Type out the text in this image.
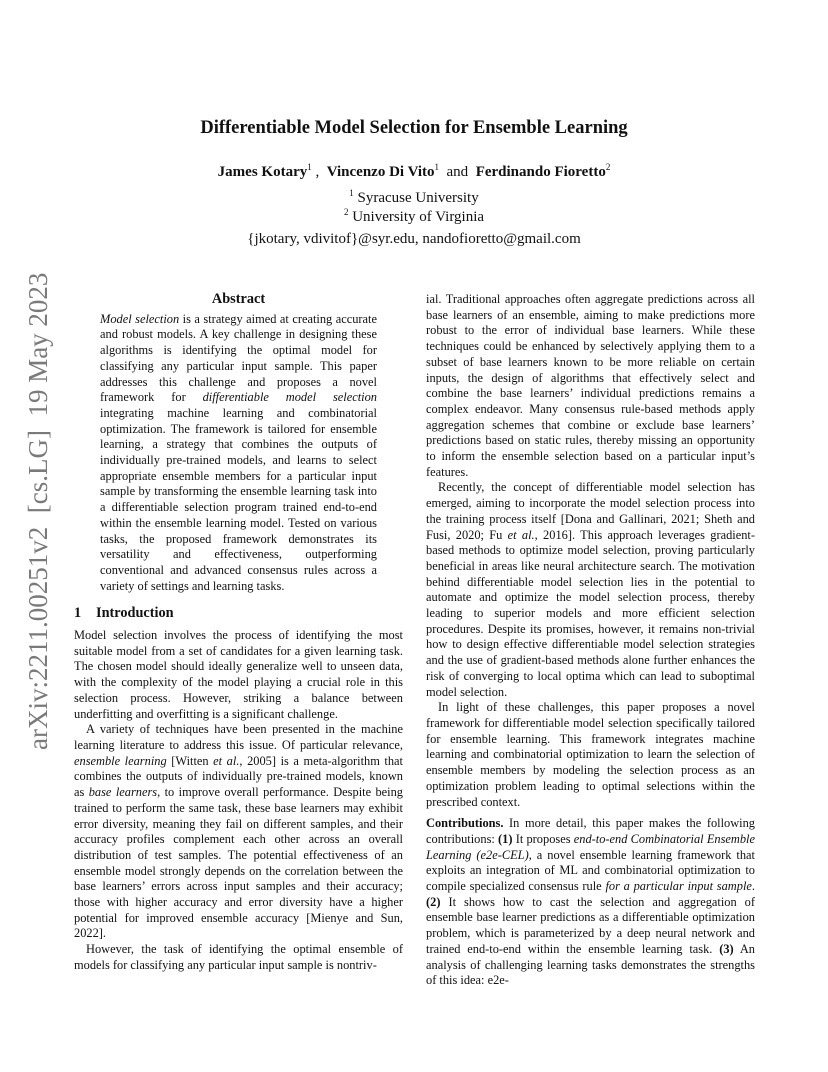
Differentiable Model Selection for Ensemble Learning
James Kotary$^1$ ,  Vincenzo Di Vito$^1$  and  Ferdinando Fioretto$^2$
$^1$ Syracuse University
$^2$ University of Virginia
{jkotary, vdivitof}@syr.edu, nandofioretto@gmail.com
arXiv:2211.00251v2  [cs.LG]  19 May 2023	Abstract

Model selection is a strategy aimed at creating accurate and robust models. A key challenge in designing these algorithms is identifying the optimal model for classifying any particular input sample. This paper addresses this challenge and proposes a novel framework for differentiable model selection integrating machine learning and combinatorial optimization. The framework is tailored for ensemble learning, a strategy that combines the outputs of individually pre-trained models, and learns to select appropriate ensemble members for a particular input sample by transforming the ensemble learning task into a differentiable selection program trained end-to-end within the ensemble learning model. Tested on various tasks, the proposed framework demonstrates its versatility and effectiveness, outperforming conventional and advanced consensus rules across a variety of settings and learning tasks.

1 Introduction

Model selection involves the process of identifying the most suitable model from a set of candidates for a given learning task. The chosen model should ideally generalize well to unseen data, with the complexity of the model playing a crucial role in this selection process. However, striking a balance between underfitting and overfitting is a significant challenge.

A variety of techniques have been presented in the machine learning literature to address this issue. Of particular relevance, ensemble learning [Witten et al., 2005] is a meta-algorithm that combines the outputs of individually pre-trained models, known as base learners, to improve overall performance. Despite being trained to perform the same task, these base learners may exhibit error diversity, meaning they fail on different samples, and their accuracy profiles complement each other across an overall distribution of test samples. The potential effectiveness of an ensemble model strongly depends on the correlation between the base learners’ errors across input samples and their accuracy; those with higher accuracy and error diversity have a higher potential for improved ensemble accuracy [Mienye and Sun, 2022].

However, the task of identifying the optimal ensemble of models for classifying any particular input sample is nontriv-

ial. Traditional approaches often aggregate predictions across all base learners of an ensemble, aiming to make predictions more robust to the error of individual base learners. While these techniques could be enhanced by selectively applying them to a subset of base learners known to be more reliable on certain inputs, the design of algorithms that effectively select and combine the base learners’ individual predictions remains a complex endeavor. Many consensus rule-based methods apply aggregation schemes that combine or exclude base learners’ predictions based on static rules, thereby missing an opportunity to inform the ensemble selection based on a particular input’s features.

Recently, the concept of differentiable model selection has emerged, aiming to incorporate the model selection process into the training process itself [Dona and Gallinari, 2021; Sheth and Fusi, 2020; Fu et al., 2016]. This approach leverages gradient-based methods to optimize model selection, proving particularly beneficial in areas like neural architecture search. The motivation behind differentiable model selection lies in the potential to automate and optimize the model selection process, thereby leading to superior models and more efficient selection procedures. Despite its promises, however, it remains non-trivial how to design effective differentiable model selection strategies and the use of gradient-based methods alone further enhances the risk of converging to local optima which can lead to suboptimal model selection.

In light of these challenges, this paper proposes a novel framework for differentiable model selection specifically tailored for ensemble learning. This framework integrates machine learning and combinatorial optimization to learn the selection of ensemble members by modeling the selection process as an optimization problem leading to optimal selections within the prescribed context.

Contributions. In more detail, this paper makes the following contributions: (1) It proposes end-to-end Combinatorial Ensemble Learning (e2e-CEL), a novel ensemble learning framework that exploits an integration of ML and combinatorial optimization to compile specialized consensus rule for a particular input sample. (2) It shows how to cast the selection and aggregation of ensemble base learner predictions as a differentiable optimization problem, which is parameterized by a deep neural network and trained end-to-end within the ensemble learning task. (3) An analysis of challenging learning tasks demonstrates the strengths of this idea: e2e-
